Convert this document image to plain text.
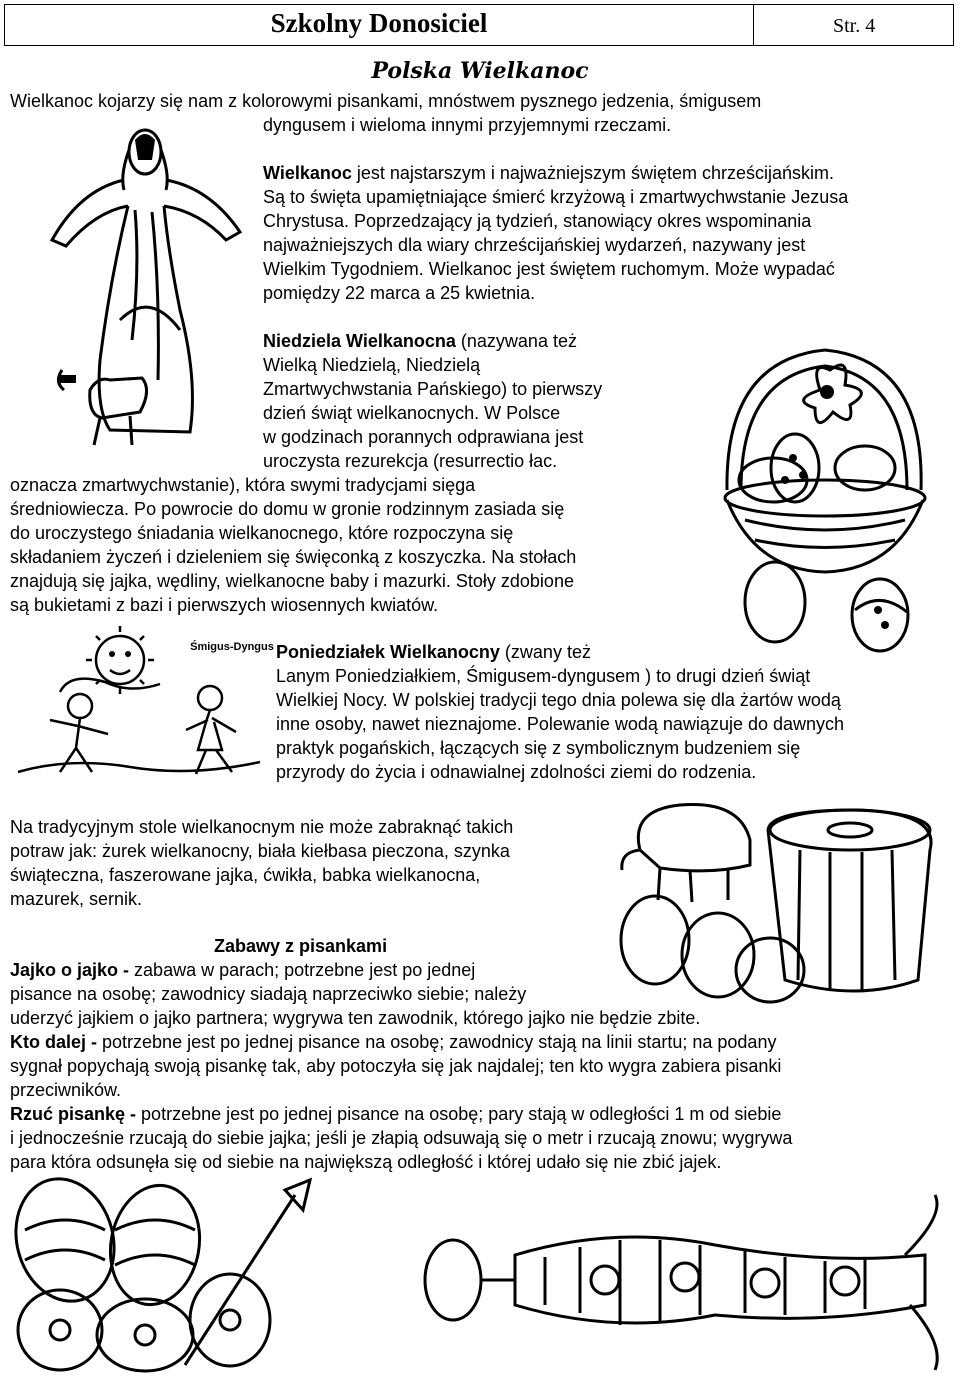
Szkolny Donosiciel	Str. 4
Polska Wielkanoc

Wielkanoc kojarzy się nam z kolorowymi pisankami, mnóstwem pysznego jedzenia, śmigusem

dyngusem i wieloma innymi przyjemnymi rzeczami.

Wielkanoc jest najstarszym i najważniejszym świętem chrześcijańskim.

Są to święta upamiętniające śmierć krzyżową i zmartwychwstanie Jezusa

Chrystusa. Poprzedzający ją tydzień, stanowiący okres wspominania

najważniejszych dla wiary chrześcijańskiej wydarzeń, nazywany jest

Wielkim Tygodniem. Wielkanoc jest świętem ruchomym. Może wypadać

pomiędzy 22 marca a 25 kwietnia.

Niedziela Wielkanocna (nazywana też

Wielką Niedzielą, Niedzielą

Zmartwychwstania Pańskiego) to pierwszy

dzień świąt wielkanocnych. W Polsce

w godzinach porannych odprawiana jest

uroczysta rezurekcja (resurrectio łac.

oznacza zmartwychwstanie), która swymi tradycjami sięga

średniowiecza. Po powrocie do domu w gronie rodzinnym zasiada się

do uroczystego śniadania wielkanocnego, które rozpoczyna się

składaniem życzeń i dzieleniem się święconką z koszyczka. Na stołach

znajdują się jajka, wędliny, wielkanocne baby i mazurki. Stoły zdobione

są bukietami z bazi i pierwszych wiosennych kwiatów.

Śmigus-Dyngus Poniedziałek Wielkanocny (zwany też

Lanym Poniedziałkiem, Śmigusem-dyngusem ) to drugi dzień świąt

Wielkiej Nocy. W polskiej tradycji tego dnia polewa się dla żartów wodą

inne osoby, nawet nieznajome. Polewanie wodą nawiązuje do dawnych

praktyk pogańskich, łączących się z symbolicznym budzeniem się

przyrody do życia i odnawialnej zdolności ziemi do rodzenia.

Na tradycyjnym stole wielkanocnym nie może zabraknąć takich

potraw jak: żurek wielkanocny, biała kiełbasa pieczona, szynka

świąteczna, faszerowane jajka, ćwikła, babka wielkanocna,

mazurek, sernik.

Zabawy z pisankami

Jajko o jajko - zabawa w parach; potrzebne jest po jednej

pisance na osobę; zawodnicy siadają naprzeciwko siebie; należy

uderzyć jajkiem o jajko partnera; wygrywa ten zawodnik, którego jajko nie będzie zbite.

Kto dalej - potrzebne jest po jednej pisance na osobę; zawodnicy stają na linii startu; na podany

sygnał popychają swoją pisankę tak, aby potoczyła się jak najdalej; ten kto wygra zabiera pisanki

przeciwników.

Rzuć pisankę - potrzebne jest po jednej pisance na osobę; pary stają w odległości 1 m od siebie

i jednocześnie rzucają do siebie jajka; jeśli je złapią odsuwają się o metr i rzucają znowu; wygrywa

para która odsunęła się od siebie na największą odległość i której udało się nie zbić jajek.
